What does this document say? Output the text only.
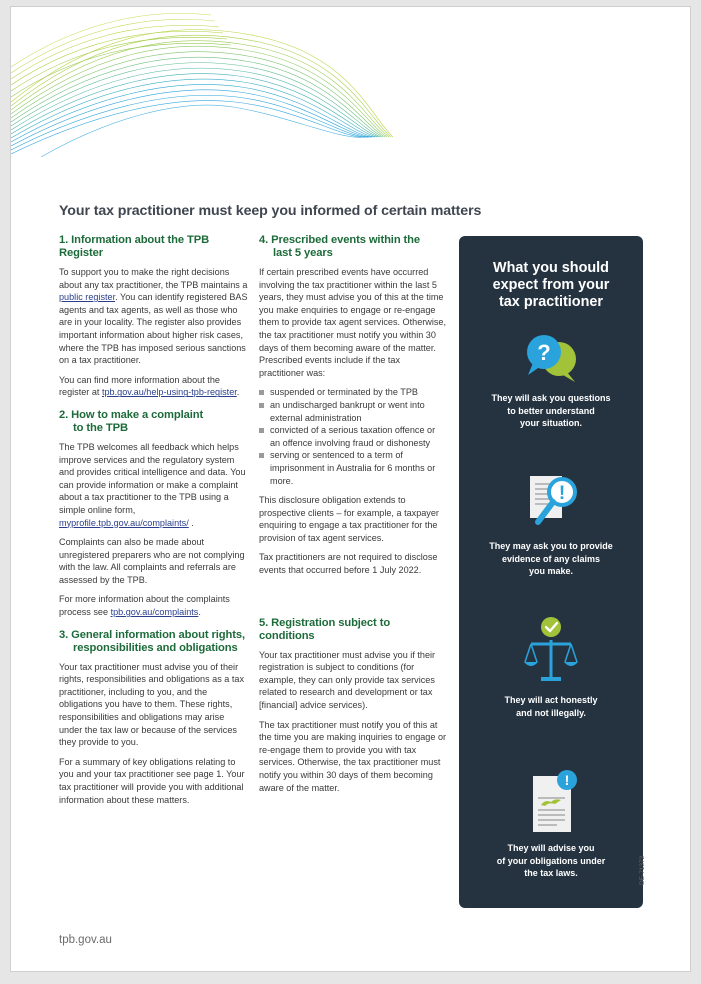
Your tax practitioner must keep you informed of certain matters
1. Information about the TPB Register

To support you to make the right decisions about any tax practitioner, the TPB maintains a public register. You can identify registered BAS agents and tax agents, as well as those who are in your locality. The register also provides important information about higher risk cases, where the TPB has imposed serious sanctions on a tax practitioner.

You can find more information about the register at tpb.gov.au/help-using-tpb-register.

2. How to make a complaint
to the TPB

The TPB welcomes all feedback which helps improve services and the regulatory system and provides critical intelligence and data. You can provide information or make a complaint about a tax practitioner to the TPB using a simple online form, myprofile.tpb.gov.au/complaints/ .

Complaints can also be made about unregistered preparers who are not complying with the law. All complaints and referrals are assessed by the TPB.

For more information about the complaints process see tpb.gov.au/complaints.

3. General information about rights,
responsibilities and obligations

Your tax practitioner must advise you of their rights, responsibilities and obligations as a tax practitioner, including to you, and the obligations you have to them. These rights, responsibilities and obligations may arise under the tax law or because of the services they provide to you.

For a summary of key obligations relating to you and your tax practitioner see page 1. Your tax practitioner will provide you with additional information about these matters.

4. Prescribed events within the
last 5 years

If certain prescribed events have occurred involving the tax practitioner within the last 5 years, they must advise you of this at the time you make enquiries to engage or re-engage them to provide tax agent services. Otherwise, the tax practitioner must notify you within 30 days of them becoming aware of the matter. Prescribed events include if the tax practitioner was:

suspended or terminated by the TPB
an undischarged bankrupt or went into external administration
convicted of a serious taxation offence or an offence involving fraud or dishonesty
serving or sentenced to a term of imprisonment in Australia for 6 months or more.

This disclosure obligation extends to prospective clients – for example, a taxpayer enquiring to engage a tax practitioner for the provision of tax agent services.

Tax practitioners are not required to disclose events that occurred before 1 July 2022.

5. Registration subject to conditions

Your tax practitioner must advise you if their registration is subject to conditions (for example, they can only provide tax services related to research and development or tax [financial] advice services).

The tax practitioner must notify you of this at the time you are making inquiries to engage or re-engage them to provide you with tax services. Otherwise, the tax practitioner must notify you within 30 days of them becoming aware of the matter.

What you should
expect from your
tax practitioner
?
They will ask you questions
to better understand
your situation.
!
They may ask you to provide
evidence of any claims
you make.
They will act honestly
and not illegally.
!
They will advise you
of your obligations under
the tax laws.	DE-71372
tpb.gov.au
